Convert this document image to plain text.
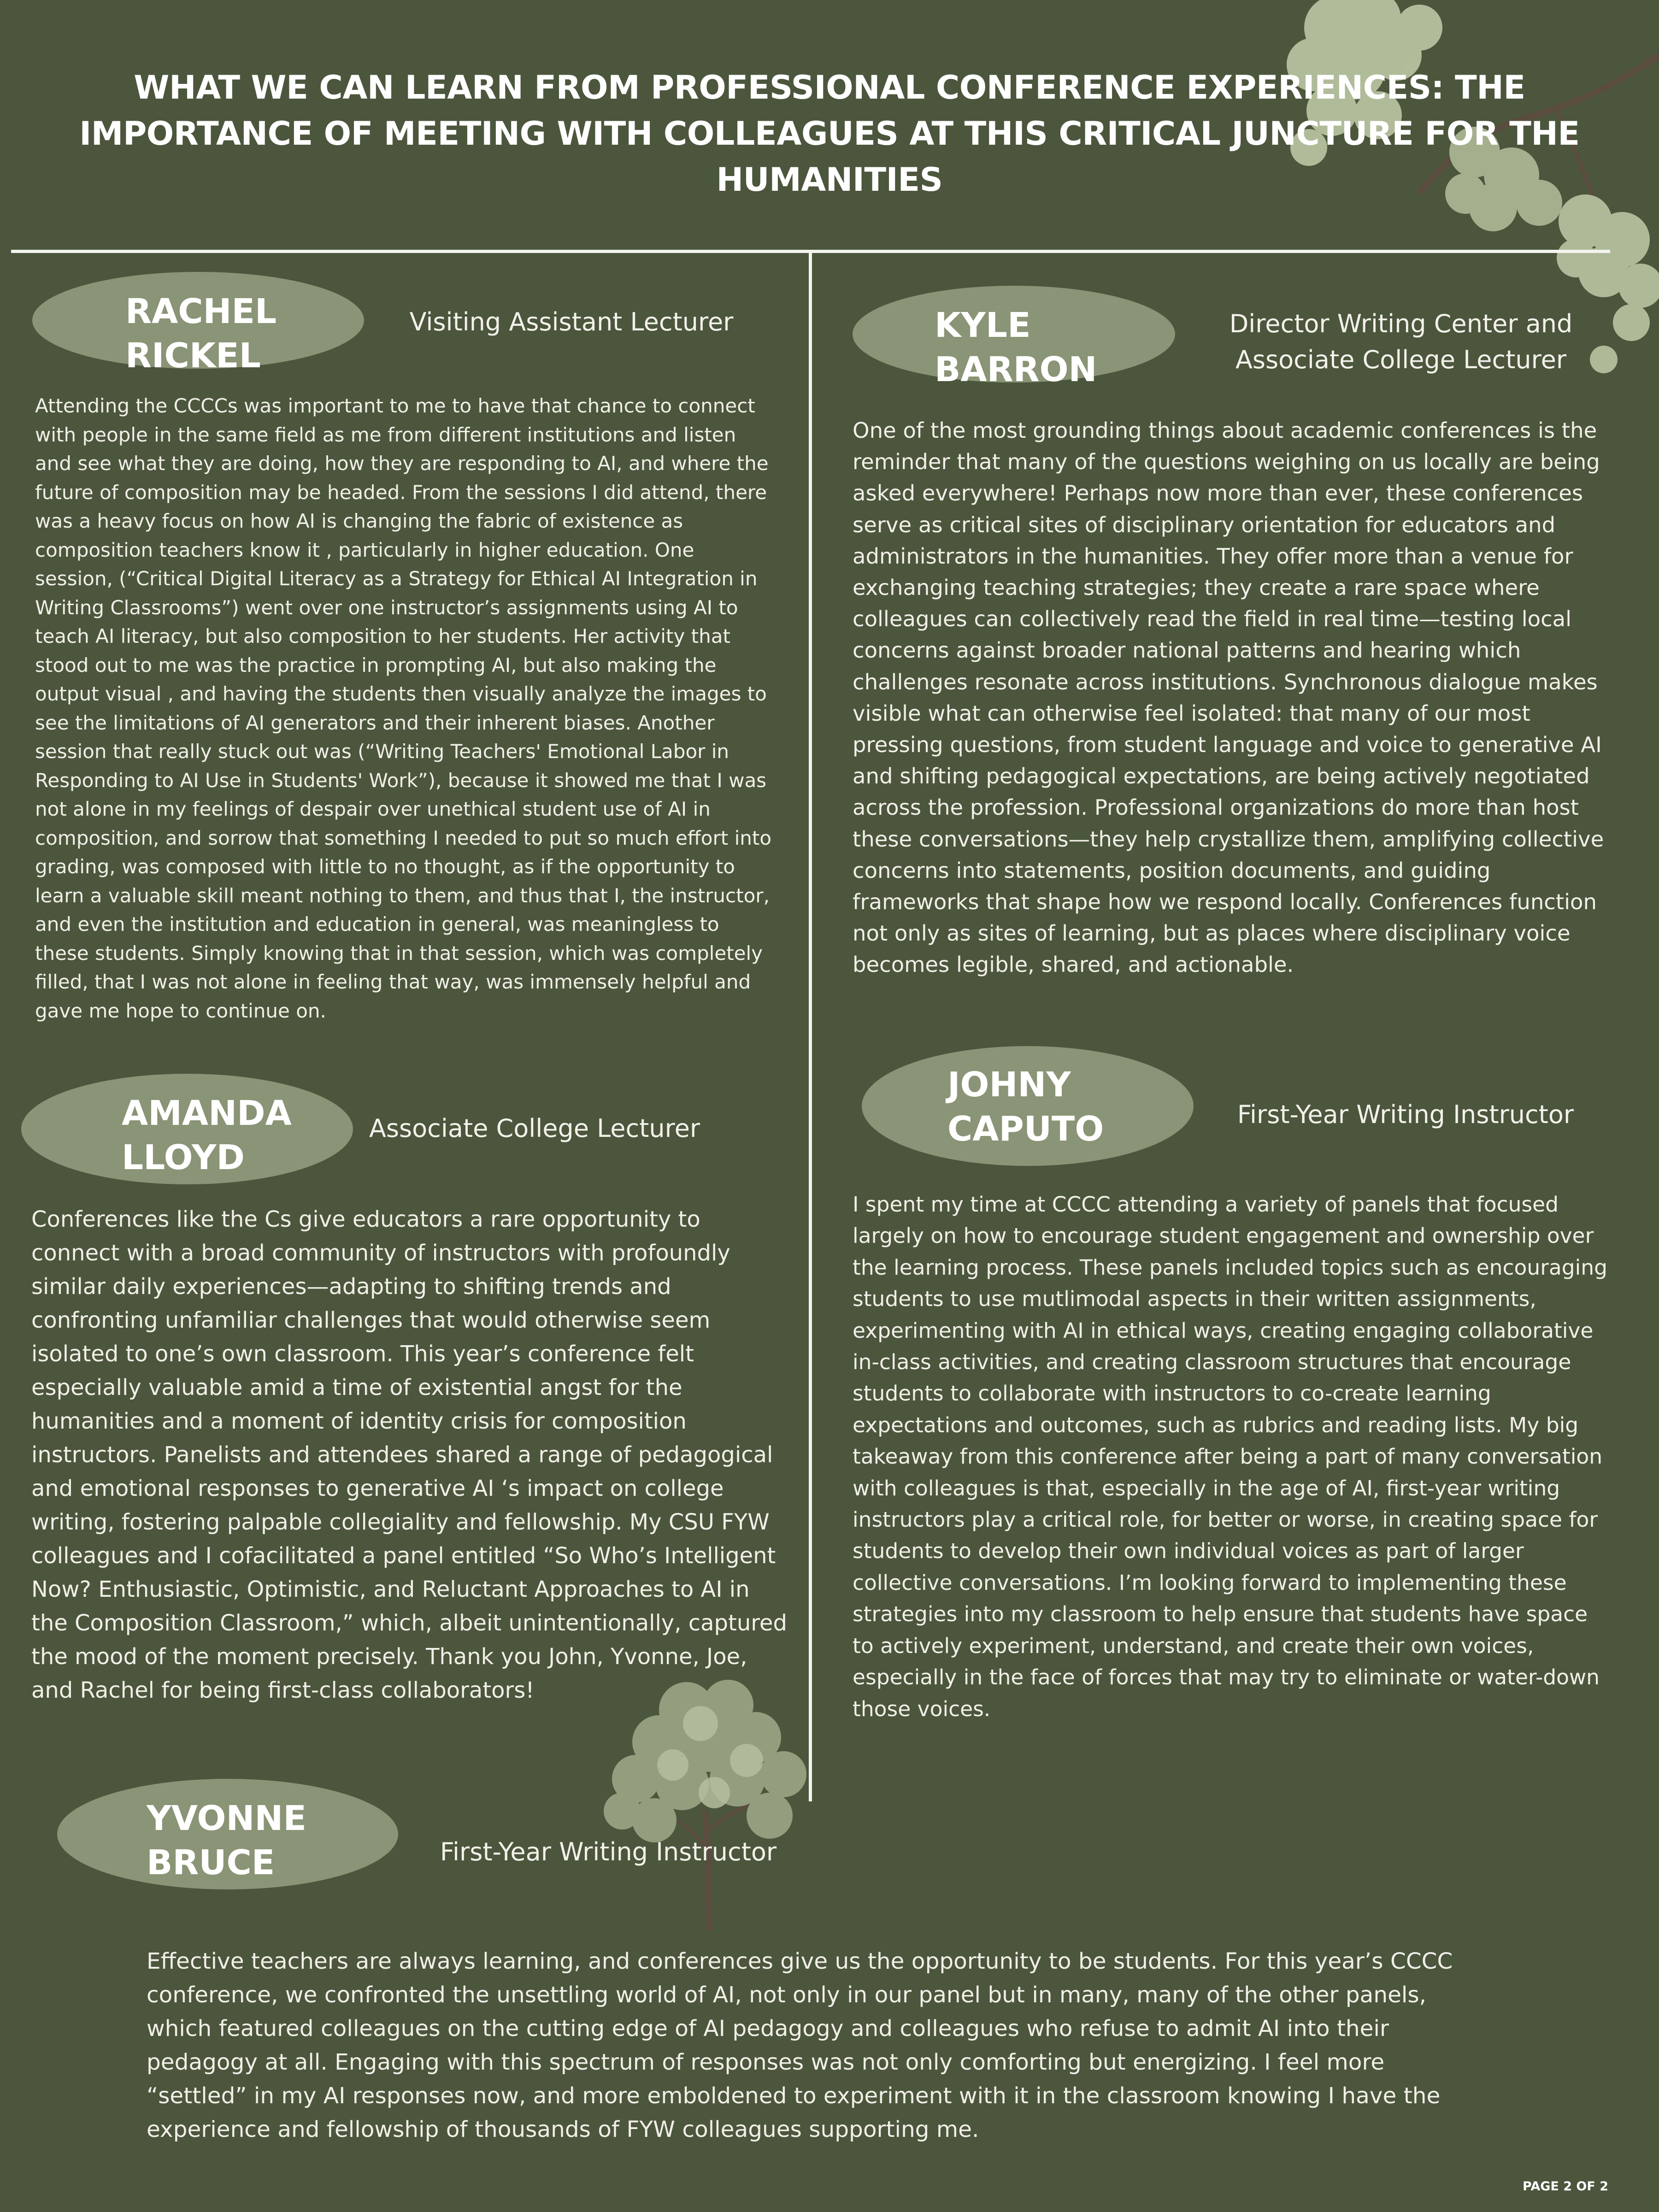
WHAT WE CAN LEARN FROM PROFESSIONAL CONFERENCE EXPERIENCES: THE IMPORTANCE OF MEETING WITH COLLEAGUES AT THIS CRITICAL JUNCTURE FOR THE HUMANITIES
RACHEL
RICKEL
Visiting Assistant Lecturer
Attending the CCCCs was important to me to have that chance to connect with people in the same field as me from different institutions and listen and see what they are doing, how they are responding to AI, and where the future of composition may be headed. From the sessions I did attend, there was a heavy focus on how AI is changing the fabric of existence as composition teachers know it , particularly in higher education. One session, (“Critical Digital Literacy as a Strategy for Ethical AI Integration in Writing Classrooms”) went over one instructor’s assignments using AI to teach AI literacy, but also composition to her students. Her activity that stood out to me was the practice in prompting AI, but also making the output visual , and having the students then visually analyze the images to see the limitations of AI generators and their inherent biases. Another session that really stuck out was (“Writing Teachers' Emotional Labor in Responding to AI Use in Students' Work”), because it showed me that I was not alone in my feelings of despair over unethical student use of AI in composition, and sorrow that something I needed to put so much effort into grading, was composed with little to no thought, as if the opportunity to learn a valuable skill meant nothing to them, and thus that I, the instructor, and even the institution and education in general, was meaningless to these students. Simply knowing that in that session, which was completely filled, that I was not alone in feeling that way, was immensely helpful and gave me hope to continue on.
KYLE
BARRON
Director Writing Center and
Associate College Lecturer
One of the most grounding things about academic conferences is the reminder that many of the questions weighing on us locally are being asked everywhere! Perhaps now more than ever, these conferences serve as critical sites of disciplinary orientation for educators and administrators in the humanities. They offer more than a venue for exchanging teaching strategies; they create a rare space where colleagues can collectively read the field in real time—testing local concerns against broader national patterns and hearing which challenges resonate across institutions. Synchronous dialogue makes visible what can otherwise feel isolated: that many of our most pressing questions, from student language and voice to generative AI and shifting pedagogical expectations, are being actively negotiated across the profession. Professional organizations do more than host these conversations—they help crystallize them, amplifying collective concerns into statements, position documents, and guiding frameworks that shape how we respond locally. Conferences function not only as sites of learning, but as places where disciplinary voice becomes legible, shared, and actionable.
AMANDA
LLOYD
Associate College Lecturer
Conferences like the Cs give educators a rare opportunity to connect with a broad community of instructors with profoundly similar daily experiences—adapting to shifting trends and confronting unfamiliar challenges that would otherwise seem isolated to one’s own classroom. This year’s conference felt especially valuable amid a time of existential angst for the humanities and a moment of identity crisis for composition instructors. Panelists and attendees shared a range of pedagogical and emotional responses to generative AI ‘s impact on college writing, fostering palpable collegiality and fellowship. My CSU FYW colleagues and I cofacilitated a panel entitled “So Who’s Intelligent Now? Enthusiastic, Optimistic, and Reluctant Approaches to AI in the Composition Classroom,” which, albeit unintentionally, captured the mood of the moment precisely. Thank you John, Yvonne, Joe, and Rachel for being first-class collaborators!
JOHNY
CAPUTO	First-Year Writing Instructor
I spent my time at CCCC attending a variety of panels that focused largely on how to encourage student engagement and ownership over the learning process. These panels included topics such as encouraging students to use mutlimodal aspects in their written assignments, experimenting with AI in ethical ways, creating engaging collaborative in-class activities, and creating classroom structures that encourage students to collaborate with instructors to co-create learning expectations and outcomes, such as rubrics and reading lists. My big takeaway from this conference after being a part of many conversation with colleagues is that, especially in the age of AI, first-year writing instructors play a critical role, for better or worse, in creating space for students to develop their own individual voices as part of larger collective conversations. I’m looking forward to implementing these strategies into my classroom to help ensure that students have space to actively experiment, understand, and create their own voices, especially in the face of forces that may try to eliminate or water-down those voices.
YVONNE
BRUCE	First-Year Writing Instructor
Effective teachers are always learning, and conferences give us the opportunity to be students. For this year’s CCCC conference, we confronted the unsettling world of AI, not only in our panel but in many, many of the other panels, which featured colleagues on the cutting edge of AI pedagogy and colleagues who refuse to admit AI into their pedagogy at all. Engaging with this spectrum of responses was not only comforting but energizing. I feel more “settled” in my AI responses now, and more emboldened to experiment with it in the classroom knowing I have the experience and fellowship of thousands of FYW colleagues supporting me.
PAGE 2 OF 2
